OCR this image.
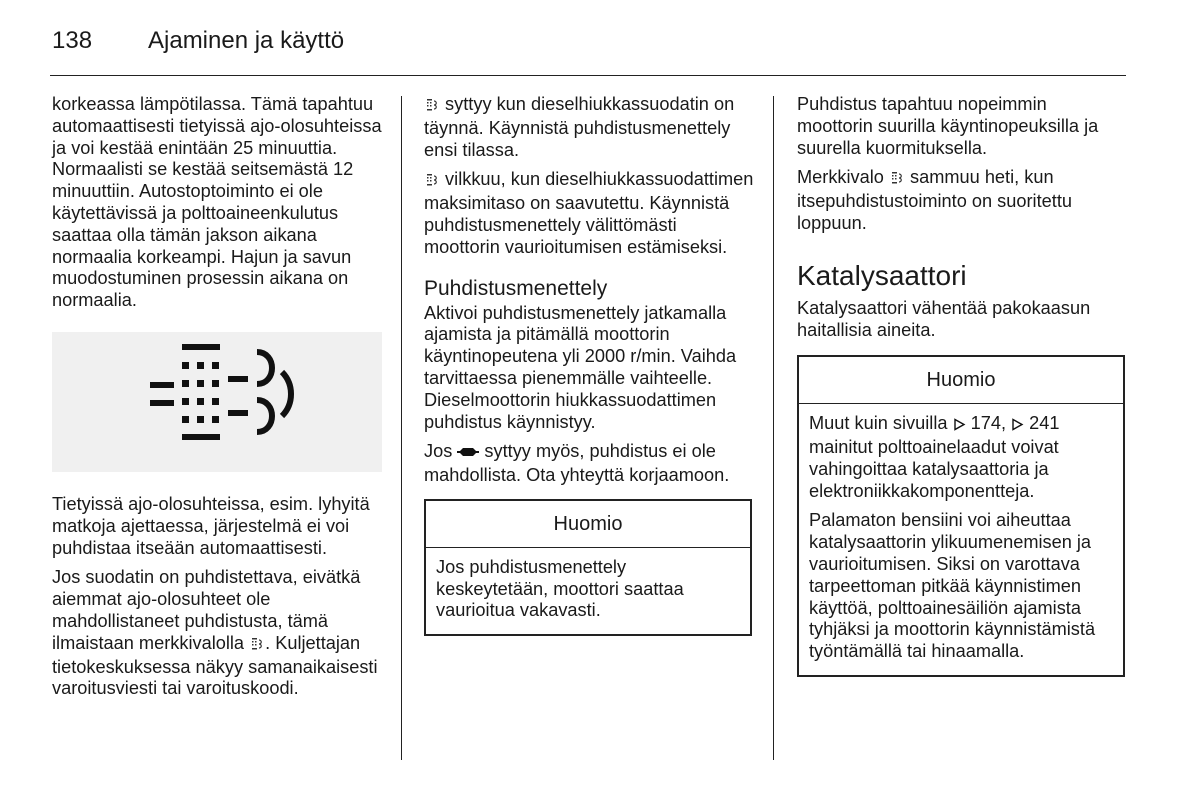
138 Ajaminen ja käyttö

korkeassa lämpötilassa. Tämä tapahtuu automaattisesti tietyissä ajo-olosuhteissa ja voi kestää enintään 25 minuuttia. Normaalisti se kestää seitsemästä 12 minuuttiin. Autostoptoiminto ei ole käytettävissä ja polttoaineenkulutus saattaa olla tämän jakson aikana normaalia korkeampi. Hajun ja savun muodostuminen prosessin aikana on normaalia.

Tietyissä ajo-olosuhteissa, esim. lyhyitä matkoja ajettaessa, järjestelmä ei voi puhdistaa itseään automaattisesti.

Jos suodatin on puhdistettava, eivätkä aiemmat ajo-olosuhteet ole mahdollistaneet puhdistusta, tämä ilmaistaan merkkivalolla . Kuljettajan tietokeskuksessa näkyy samanaikaisesti varoitusviesti tai varoituskoodi.

syttyy kun dieselhiukkassuodatin on täynnä. Käynnistä puhdistusmenettely ensi tilassa.

vilkkuu, kun dieselhiukkassuodattimen maksimitaso on saavutettu. Käynnistä puhdistusmenettely välittömästi moottorin vaurioitumisen estämiseksi.

Puhdistusmenettely

Aktivoi puhdistusmenettely jatkamalla ajamista ja pitämällä moottorin käyntinopeutena yli 2000 r/min. Vaihda tarvittaessa pienemmälle vaihteelle. Dieselmoottorin hiukkassuodattimen puhdistus käynnistyy.

Jos  syttyy myös, puhdistus ei ole mahdollista. Ota yhteyttä korjaamoon.

Huomio

Jos puhdistusmenettely keskeytetään, moottori saattaa vaurioitua vakavasti.

Puhdistus tapahtuu nopeimmin moottorin suurilla käyntinopeuksilla ja suurella kuormituksella.

Merkkivalo  sammuu heti, kun itsepuhdistustoiminto on suoritettu loppuun.

Katalysaattori

Katalysaattori vähentää pakokaasun haitallisia aineita.

Huomio

Muut kuin sivuilla  174,  241
mainitut polttoainelaadut voivat vahingoittaa katalysaattoria ja elektroniikkakomponentteja.

Palamaton bensiini voi aiheuttaa katalysaattorin ylikuumenemisen ja vaurioitumisen. Siksi on varottava tarpeettoman pitkää käynnistimen käyttöä, polttoainesäiliön ajamista tyhjäksi ja moottorin käynnistämistä työntämällä tai hinaamalla.
